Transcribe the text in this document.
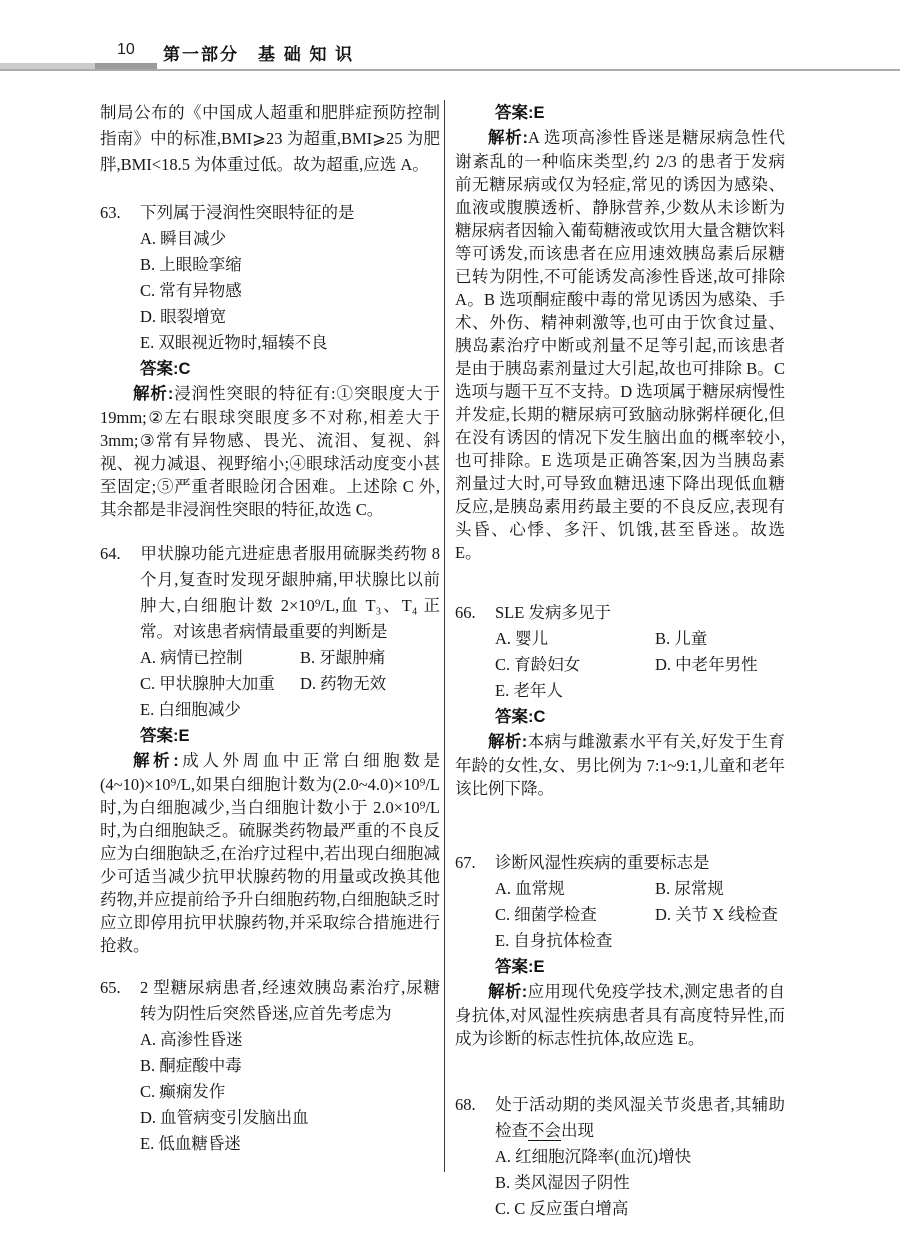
10 第一部分　基 础 知 识
制局公布的《中国成人超重和肥胖症预防控制指南》中的标准,BMI⩾23 为超重,BMI⩾25 为肥胖,BMI<18.5 为体重过低。故为超重,应选 A。
63. 下列属于浸润性突眼特征的是
A. 瞬目减少
B. 上眼睑挛缩
C. 常有异物感
D. 眼裂增宽
E. 双眼视近物时,辐辏不良
答案:C
解析:浸润性突眼的特征有:①突眼度大于 19mm;②左右眼球突眼度多不对称,相差大于 3mm;③常有异物感、畏光、流泪、复视、斜视、视力减退、视野缩小;④眼球活动度变小甚至固定;⑤严重者眼睑闭合困难。上述除 C 外,其余都是非浸润性突眼的特征,故选 C。
64. 甲状腺功能亢进症患者服用硫脲类药物 8 个月,复查时发现牙龈肿痛,甲状腺比以前肿大,白细胞计数 2×10⁹/L,血 T₃、T₄ 正常。对该患者病情最重要的判断是
A. 病情已控制	B. 牙龈肿痛
C. 甲状腺肿大加重	D. 药物无效
E. 白细胞减少
答案:E
解析:成人外周血中正常白细胞数是(4~10)×10⁹/L,如果白细胞计数为(2.0~4.0)×10⁹/L 时,为白细胞减少,当白细胞计数小于 2.0×10⁹/L 时,为白细胞缺乏。硫脲类药物最严重的不良反应为白细胞缺乏,在治疗过程中,若出现白细胞减少可适当减少抗甲状腺药物的用量或改换其他药物,并应提前给予升白细胞药物,白细胞缺乏时应立即停用抗甲状腺药物,并采取综合措施进行抢救。
65. 2 型糖尿病患者,经速效胰岛素治疗,尿糖转为阴性后突然昏迷,应首先考虑为
A. 高渗性昏迷
B. 酮症酸中毒
C. 癫痫发作
D. 血管病变引发脑出血
E. 低血糖昏迷
答案:E
解析:A 选项高渗性昏迷是糖尿病急性代谢紊乱的一种临床类型,约 2/3 的患者于发病前无糖尿病或仅为轻症,常见的诱因为感染、血液或腹膜透析、静脉营养,少数从未诊断为糖尿病者因输入葡萄糖液或饮用大量含糖饮料等可诱发,而该患者在应用速效胰岛素后尿糖已转为阴性,不可能诱发高渗性昏迷,故可排除 A。B 选项酮症酸中毒的常见诱因为感染、手术、外伤、精神刺激等,也可由于饮食过量、胰岛素治疗中断或剂量不足等引起,而该患者是由于胰岛素剂量过大引起,故也可排除 B。C 选项与题干互不支持。D 选项属于糖尿病慢性并发症,长期的糖尿病可致脑动脉粥样硬化,但在没有诱因的情况下发生脑出血的概率较小,也可排除。E 选项是正确答案,因为当胰岛素剂量过大时,可导致血糖迅速下降出现低血糖反应,是胰岛素用药最主要的不良反应,表现有头昏、心悸、多汗、饥饿,甚至昏迷。故选 E。
66. SLE 发病多见于
A. 婴儿	B. 儿童
C. 育龄妇女	D. 中老年男性
E. 老年人
答案:C
解析:本病与雌激素水平有关,好发于生育年龄的女性,女、男比例为 7:1~9:1,儿童和老年该比例下降。
67. 诊断风湿性疾病的重要标志是
A. 血常规	B. 尿常规
C. 细菌学检查	D. 关节 X 线检查
E. 自身抗体检查
答案:E
解析:应用现代免疫学技术,测定患者的自身抗体,对风湿性疾病患者具有高度特异性,而成为诊断的标志性抗体,故应选 E。
68. 处于活动期的类风湿关节炎患者,其辅助检查不会出现
A. 红细胞沉降率(血沉)增快
B. 类风湿因子阴性
C. C 反应蛋白增高
